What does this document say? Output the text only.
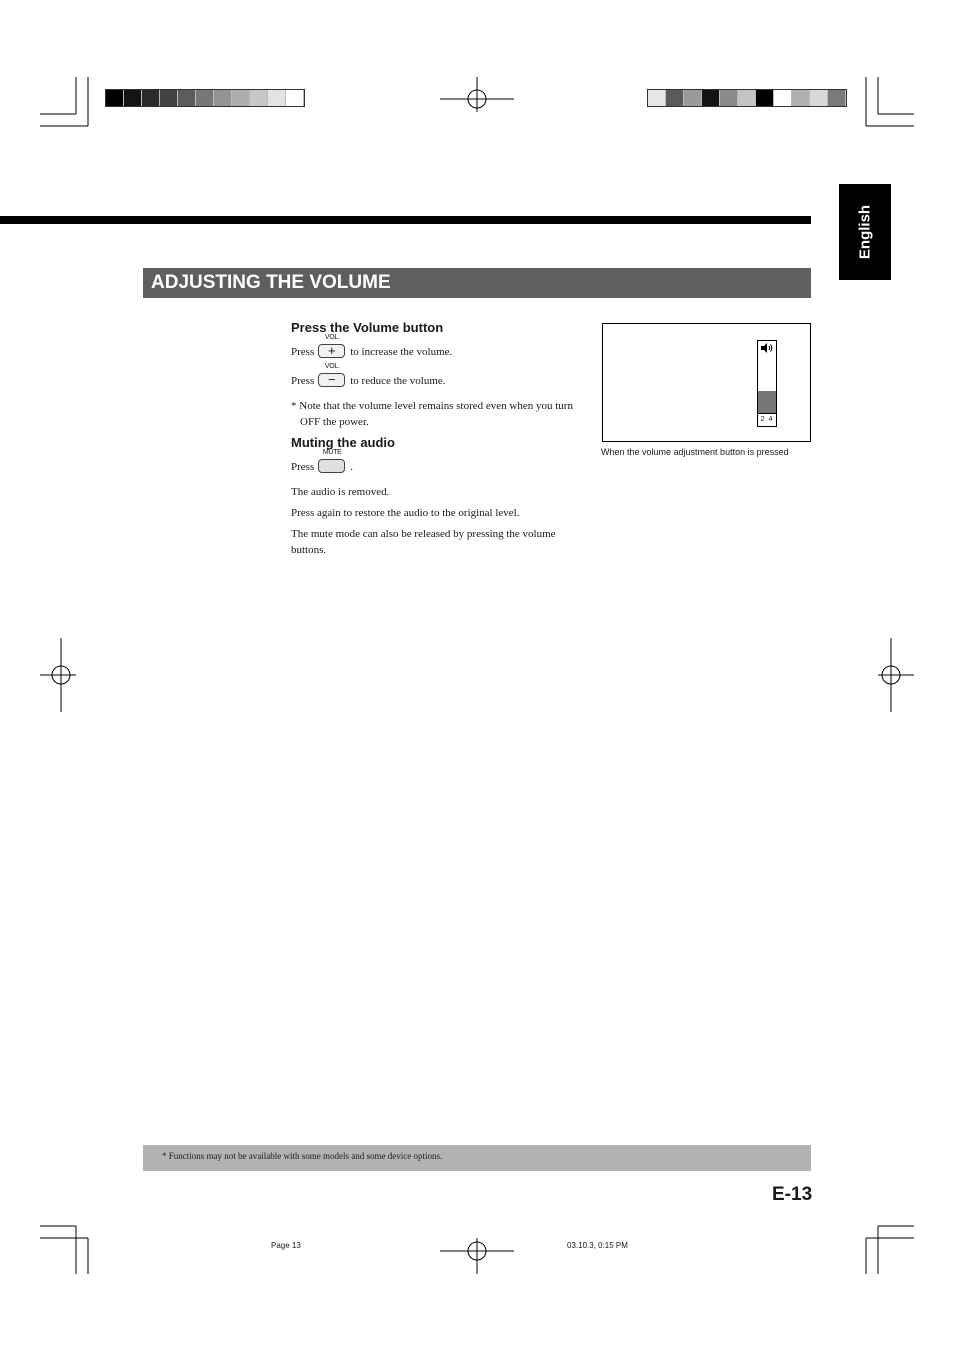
English
ADJUSTING THE VOLUME
Press the Volume button
Press
VOL.
+	to increase the volume.
Press
VOL.
−	to reduce the volume.

* Note that the volume level remains stored even when you turn OFF the power.

Muting the audio
Press
MUTE
.

The audio is removed.

Press again to restore the audio to the original level.

The mute mode can also be released by pressing the volume buttons.

2 4
When the volume adjustment button is pressed
* Functions may not be available with some models and some device options.
E-13
Page 13	03.10.3, 0:15 PM
